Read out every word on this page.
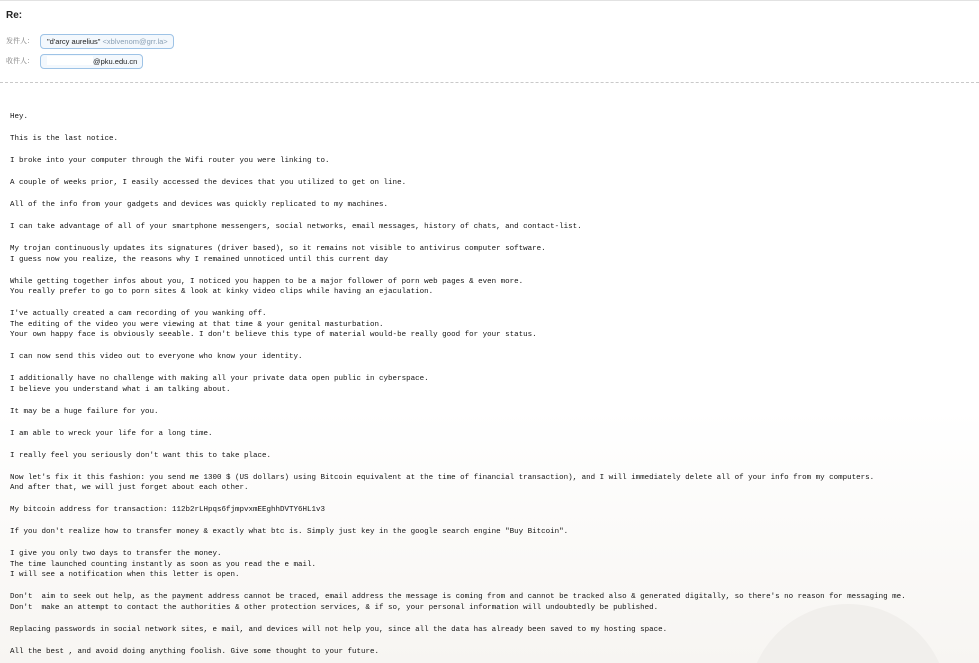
Re:
发件人：	"d'arcy aurelius" <xblvenom@grr.la>
收件人：	@pku.edu.cn
Hey.
This is the last notice.
I broke into your computer through the Wifi router you were linking to.
A couple of weeks prior, I easily accessed the devices that you utilized to get on line.
All of the info from your gadgets and devices was quickly replicated to my machines.
I can take advantage of all of your smartphone messengers, social networks, email messages, history of chats, and contact-list.
My trojan continuously updates its signatures (driver based), so it remains not visible to antivirus computer software.
I guess now you realize, the reasons why I remained unnoticed until this current day
While getting together infos about you, I noticed you happen to be a major follower of porn web pages & even more.
You really prefer to go to porn sites & look at kinky video clips while having an ejaculation.
I've actually created a cam recording of you wanking off.
The editing of the video you were viewing at that time & your genital masturbation.
Your own happy face is obviously seeable. I don't believe this type of material would-be really good for your status.
I can now send this video out to everyone who know your identity.
I additionally have no challenge with making all your private data open public in cyberspace.
I believe you understand what i am talking about.
It may be a huge failure for you.
I am able to wreck your life for a long time.
I really feel you seriously don't want this to take place.
Now let's fix it this fashion: you send me 1300 $ (US dollars) using Bitcoin equivalent at the time of financial transaction), and I will immediately delete all of your info from my computers.
And after that, we will just forget about each other.
My bitcoin address for transaction: 112b2rLHpqs6fjmpvxmEEghhDVTY6HL1v3
If you don't realize how to transfer money & exactly what btc is. Simply just key in the google search engine "Buy Bitcoin".
I give you only two days to transfer the money.
The time launched counting instantly as soon as you read the e mail.
I will see a notification when this letter is open.
Don't  aim to seek out help, as the payment address cannot be traced, email address the message is coming from and cannot be tracked also & generated digitally, so there's no reason for messaging me.
Don't  make an attempt to contact the authorities & other protection services, & if so, your personal information will undoubtedly be published.
Replacing passwords in social network sites, e mail, and devices will not help you, since all the data has already been saved to my hosting space.
All the best , and avoid doing anything foolish. Give some thought to your future.
